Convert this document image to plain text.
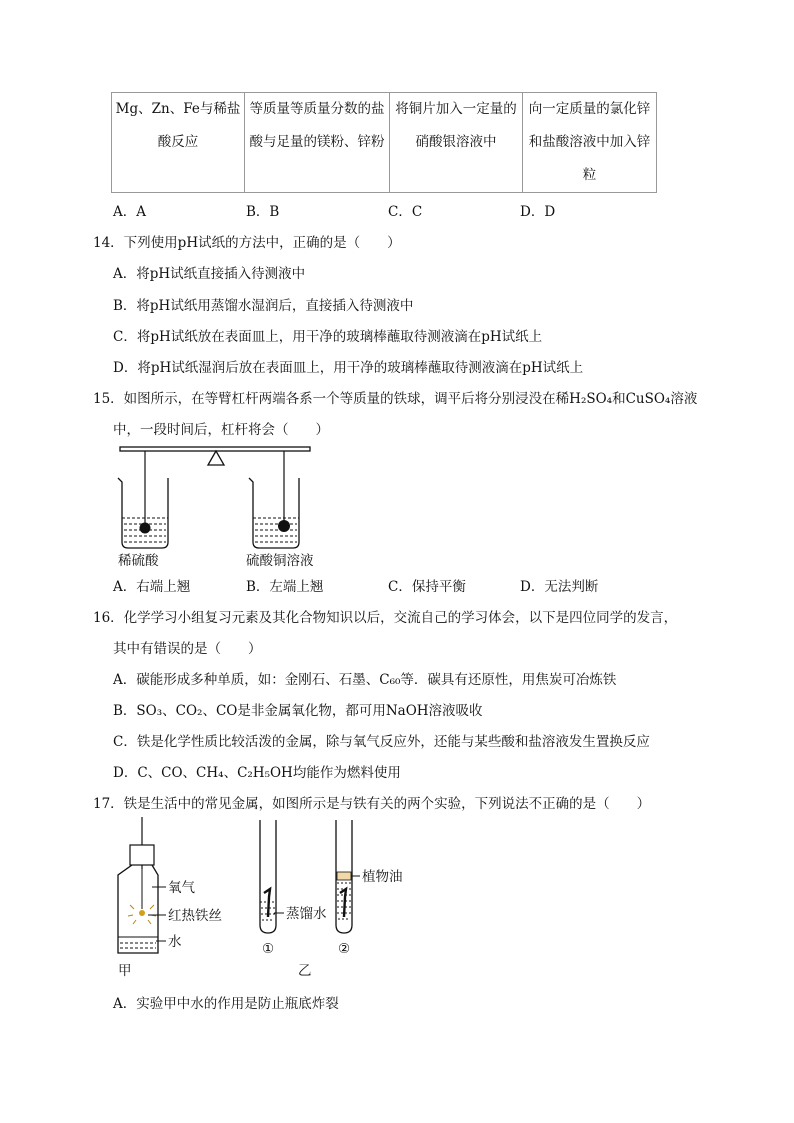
Mg、Zn、Fe与稀盐酸反应	等质量等质量分数的盐酸与足量的镁粉、锌粉	将铜片加入一定量的硝酸银溶液中	向一定质量的氯化锌和盐酸溶液中加入锌粒
A．A	B．B	C．C	D．D
14．下列使用pH试纸的方法中，正确的是（　　）
A．将pH试纸直接插入待测液中
B．将pH试纸用蒸馏水湿润后，直接插入待测液中
C．将pH试纸放在表面皿上，用干净的玻璃棒蘸取待测液滴在pH试纸上
D．将pH试纸湿润后放在表面皿上，用干净的玻璃棒蘸取待测液滴在pH试纸上
15．如图所示，在等臂杠杆两端各系一个等质量的铁球，调平后将分别浸没在稀H₂SO₄和CuSO₄溶液
中，一段时间后，杠杆将会（　　）
稀硫酸	硫酸铜溶液
A．右端上翘	B．左端上翘	C．保持平衡	D．无法判断
16．化学学习小组复习元素及其化合物知识以后，交流自己的学习体会，以下是四位同学的发言，
其中有错误的是（　　）
A．碳能形成多种单质，如：金刚石、石墨、C₆₀等．碳具有还原性，用焦炭可冶炼铁
B．SO₃、CO₂、CO是非金属氧化物，都可用NaOH溶液吸收
C．铁是化学性质比较活泼的金属，除与氧气反应外，还能与某些酸和盐溶液发生置换反应
D．C、CO、CH₄、C₂H₅OH均能作为燃料使用
17．铁是生活中的常见金属，如图所示是与铁有关的两个实验，下列说法不正确的是（　　）
氧气
红热铁丝
水
甲
蒸馏水
植物油
①	②
乙
A．实验甲中水的作用是防止瓶底炸裂
